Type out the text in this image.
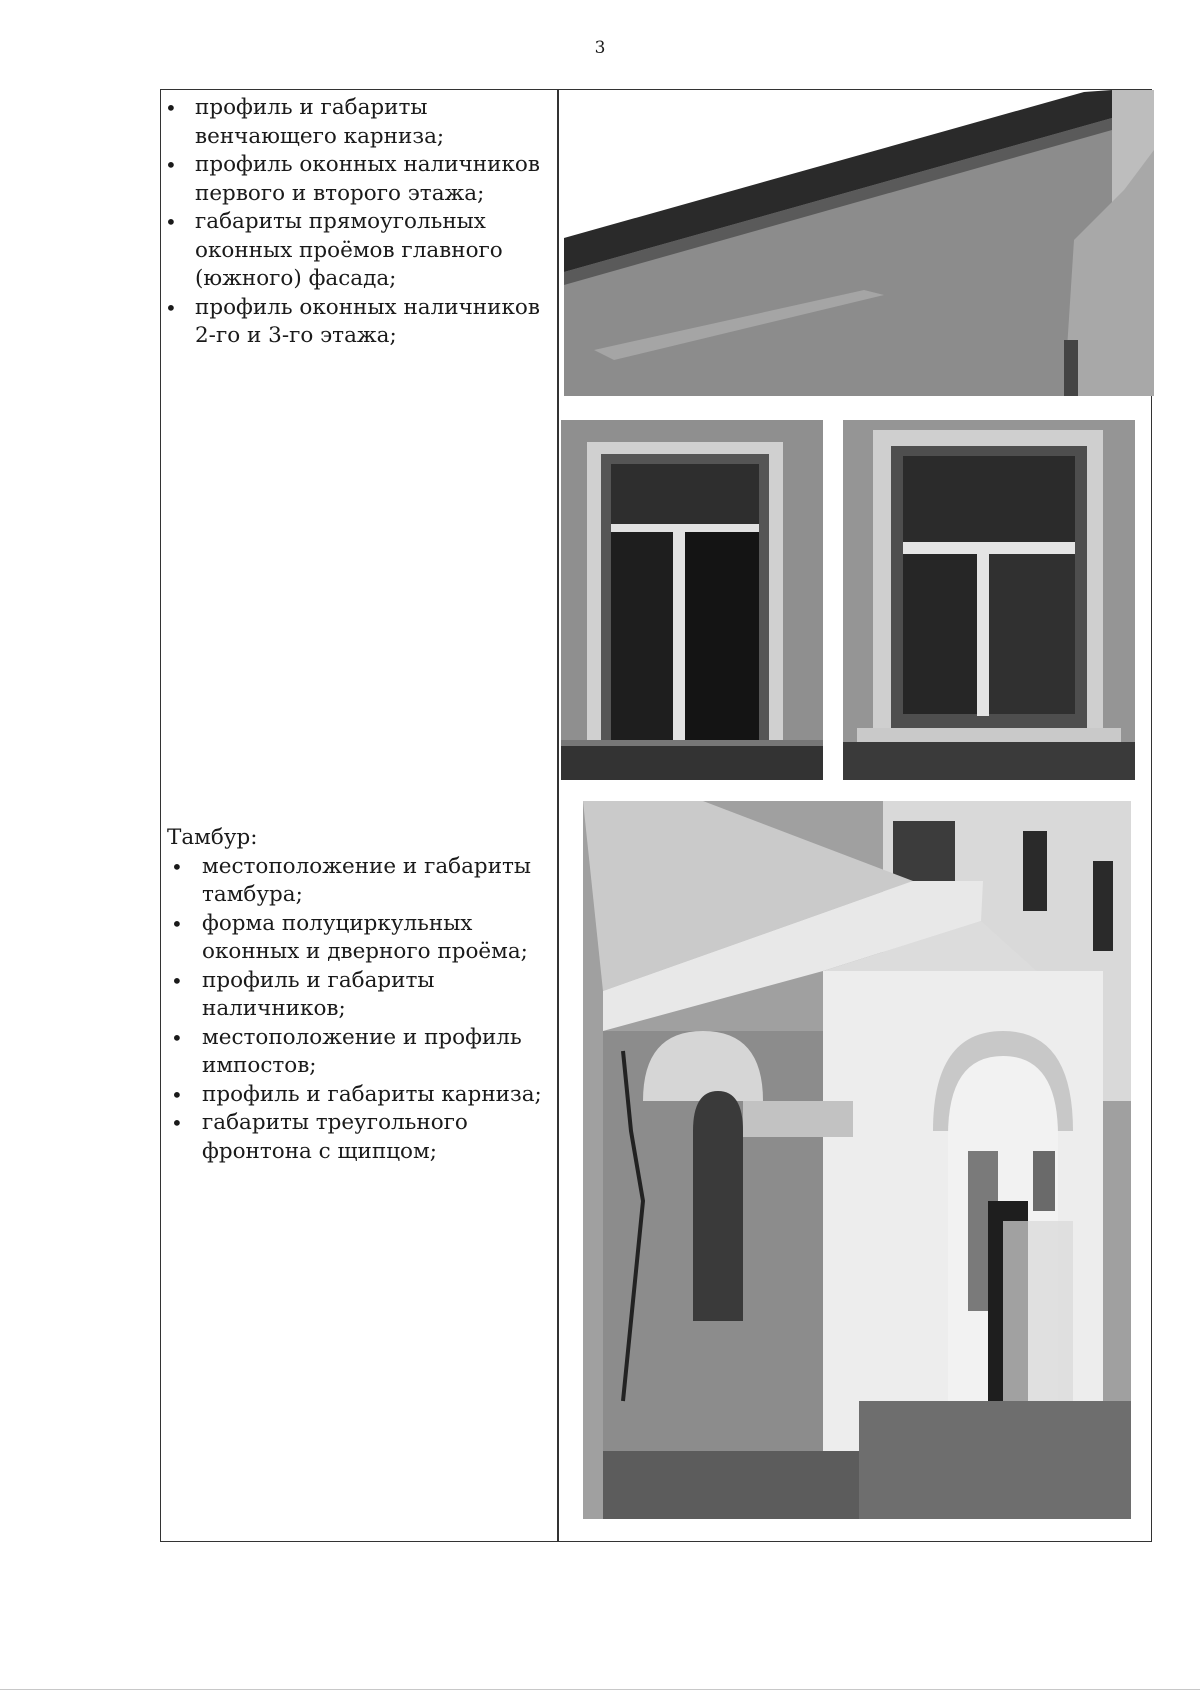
3
• профиль и габариты венчающего карниза;
• профиль оконных наличников первого и второго этажа;
• габариты прямоугольных оконных проёмов главного (южного) фасада;
• профиль оконных наличников 2-го и 3-го этажа;
Тамбур:
• местоположение и габариты тамбура;
• форма полуциркульных оконных и дверного проёма;
• профиль и габариты наличников;
• местоположение и профиль импостов;
• профиль и габариты карниза;
• габариты треугольного фронтона с щипцом;
